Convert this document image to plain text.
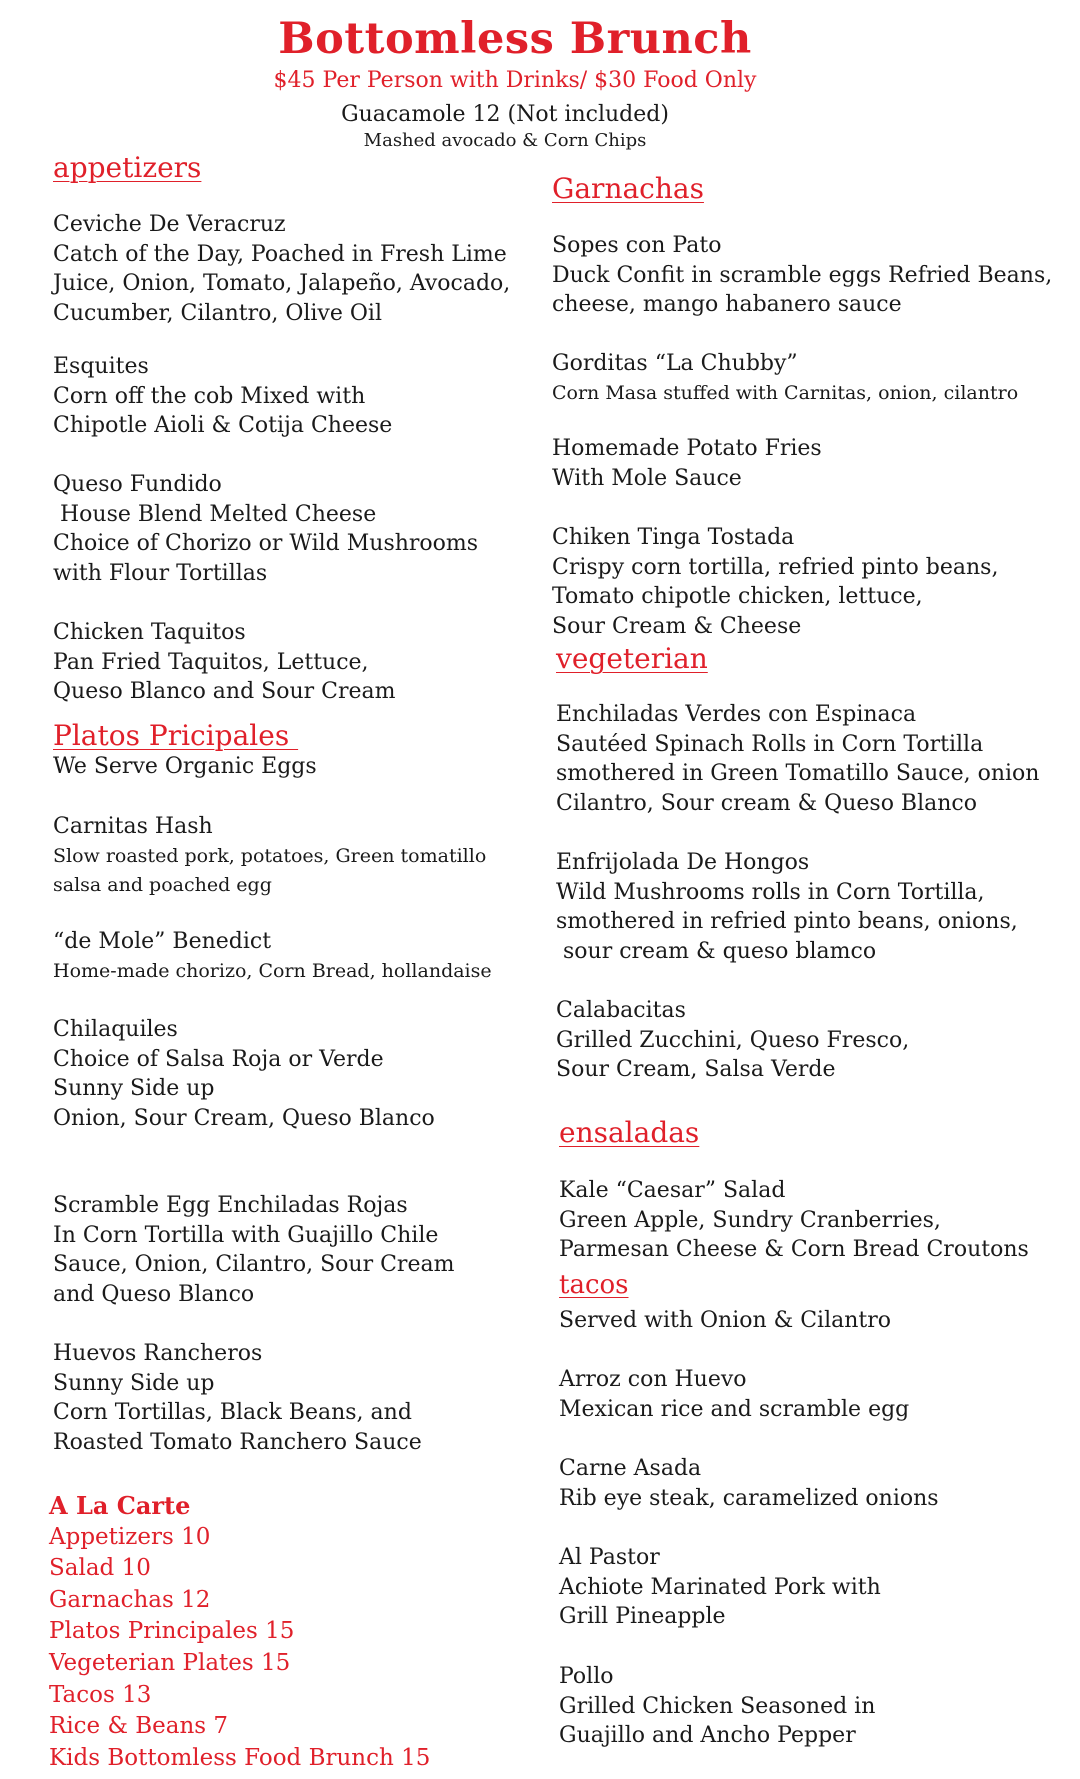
Bottomless Brunch
$45 Per Person with Drinks/ $30 Food Only
Guacamole 12 (Not included)
Mashed avocado & Corn Chips
appetizers
Ceviche De Veracruz
Catch of the Day, Poached in Fresh Lime
Juice, Onion, Tomato, Jalapeño, Avocado,
Cucumber, Cilantro, Olive Oil
Esquites
Corn off the cob Mixed with
Chipotle Aioli & Cotija Cheese
Queso Fundido
House Blend Melted Cheese
Choice of Chorizo or Wild Mushrooms
with Flour Tortillas
Chicken Taquitos
Pan Fried Taquitos, Lettuce,
Queso Blanco and Sour Cream
Platos Pricipales
We Serve Organic Eggs
Carnitas Hash
Slow roasted pork, potatoes, Green tomatillo
salsa and poached egg
“de Mole” Benedict
Home-made chorizo, Corn Bread, hollandaise
Chilaquiles
Choice of Salsa Roja or Verde
Sunny Side up
Onion, Sour Cream, Queso Blanco
Scramble Egg Enchiladas Rojas
In Corn Tortilla with Guajillo Chile
Sauce, Onion, Cilantro, Sour Cream
and Queso Blanco
Huevos Rancheros
Sunny Side up
Corn Tortillas, Black Beans, and
Roasted Tomato Ranchero Sauce
A La Carte
Appetizers 10
Salad 10
Garnachas 12
Platos Principales 15
Vegeterian Plates 15
Tacos 13
Rice & Beans 7
Kids Bottomless Food Brunch 15
Garnachas
Sopes con Pato
Duck Confit in scramble eggs Refried Beans,
cheese, mango habanero sauce
Gorditas “La Chubby”
Corn Masa stuffed with Carnitas, onion, cilantro
Homemade Potato Fries
With Mole Sauce
Chiken Tinga Tostada
Crispy corn tortilla, refried pinto beans,
Tomato chipotle chicken, lettuce,
Sour Cream & Cheese
vegeterian
Enchiladas Verdes con Espinaca
Sautéed Spinach Rolls in Corn Tortilla
smothered in Green Tomatillo Sauce, onion
Cilantro, Sour cream & Queso Blanco
Enfrijolada De Hongos
Wild Mushrooms rolls in Corn Tortilla,
smothered in refried pinto beans, onions,
sour cream & queso blamco
Calabacitas
Grilled Zucchini, Queso Fresco,
Sour Cream, Salsa Verde
ensaladas
Kale “Caesar” Salad
Green Apple, Sundry Cranberries,
Parmesan Cheese & Corn Bread Croutons
tacos
Served with Onion & Cilantro
Arroz con Huevo
Mexican rice and scramble egg
Carne Asada
Rib eye steak, caramelized onions
Al Pastor
Achiote Marinated Pork with
Grill Pineapple
Pollo
Grilled Chicken Seasoned in
Guajillo and Ancho Pepper
